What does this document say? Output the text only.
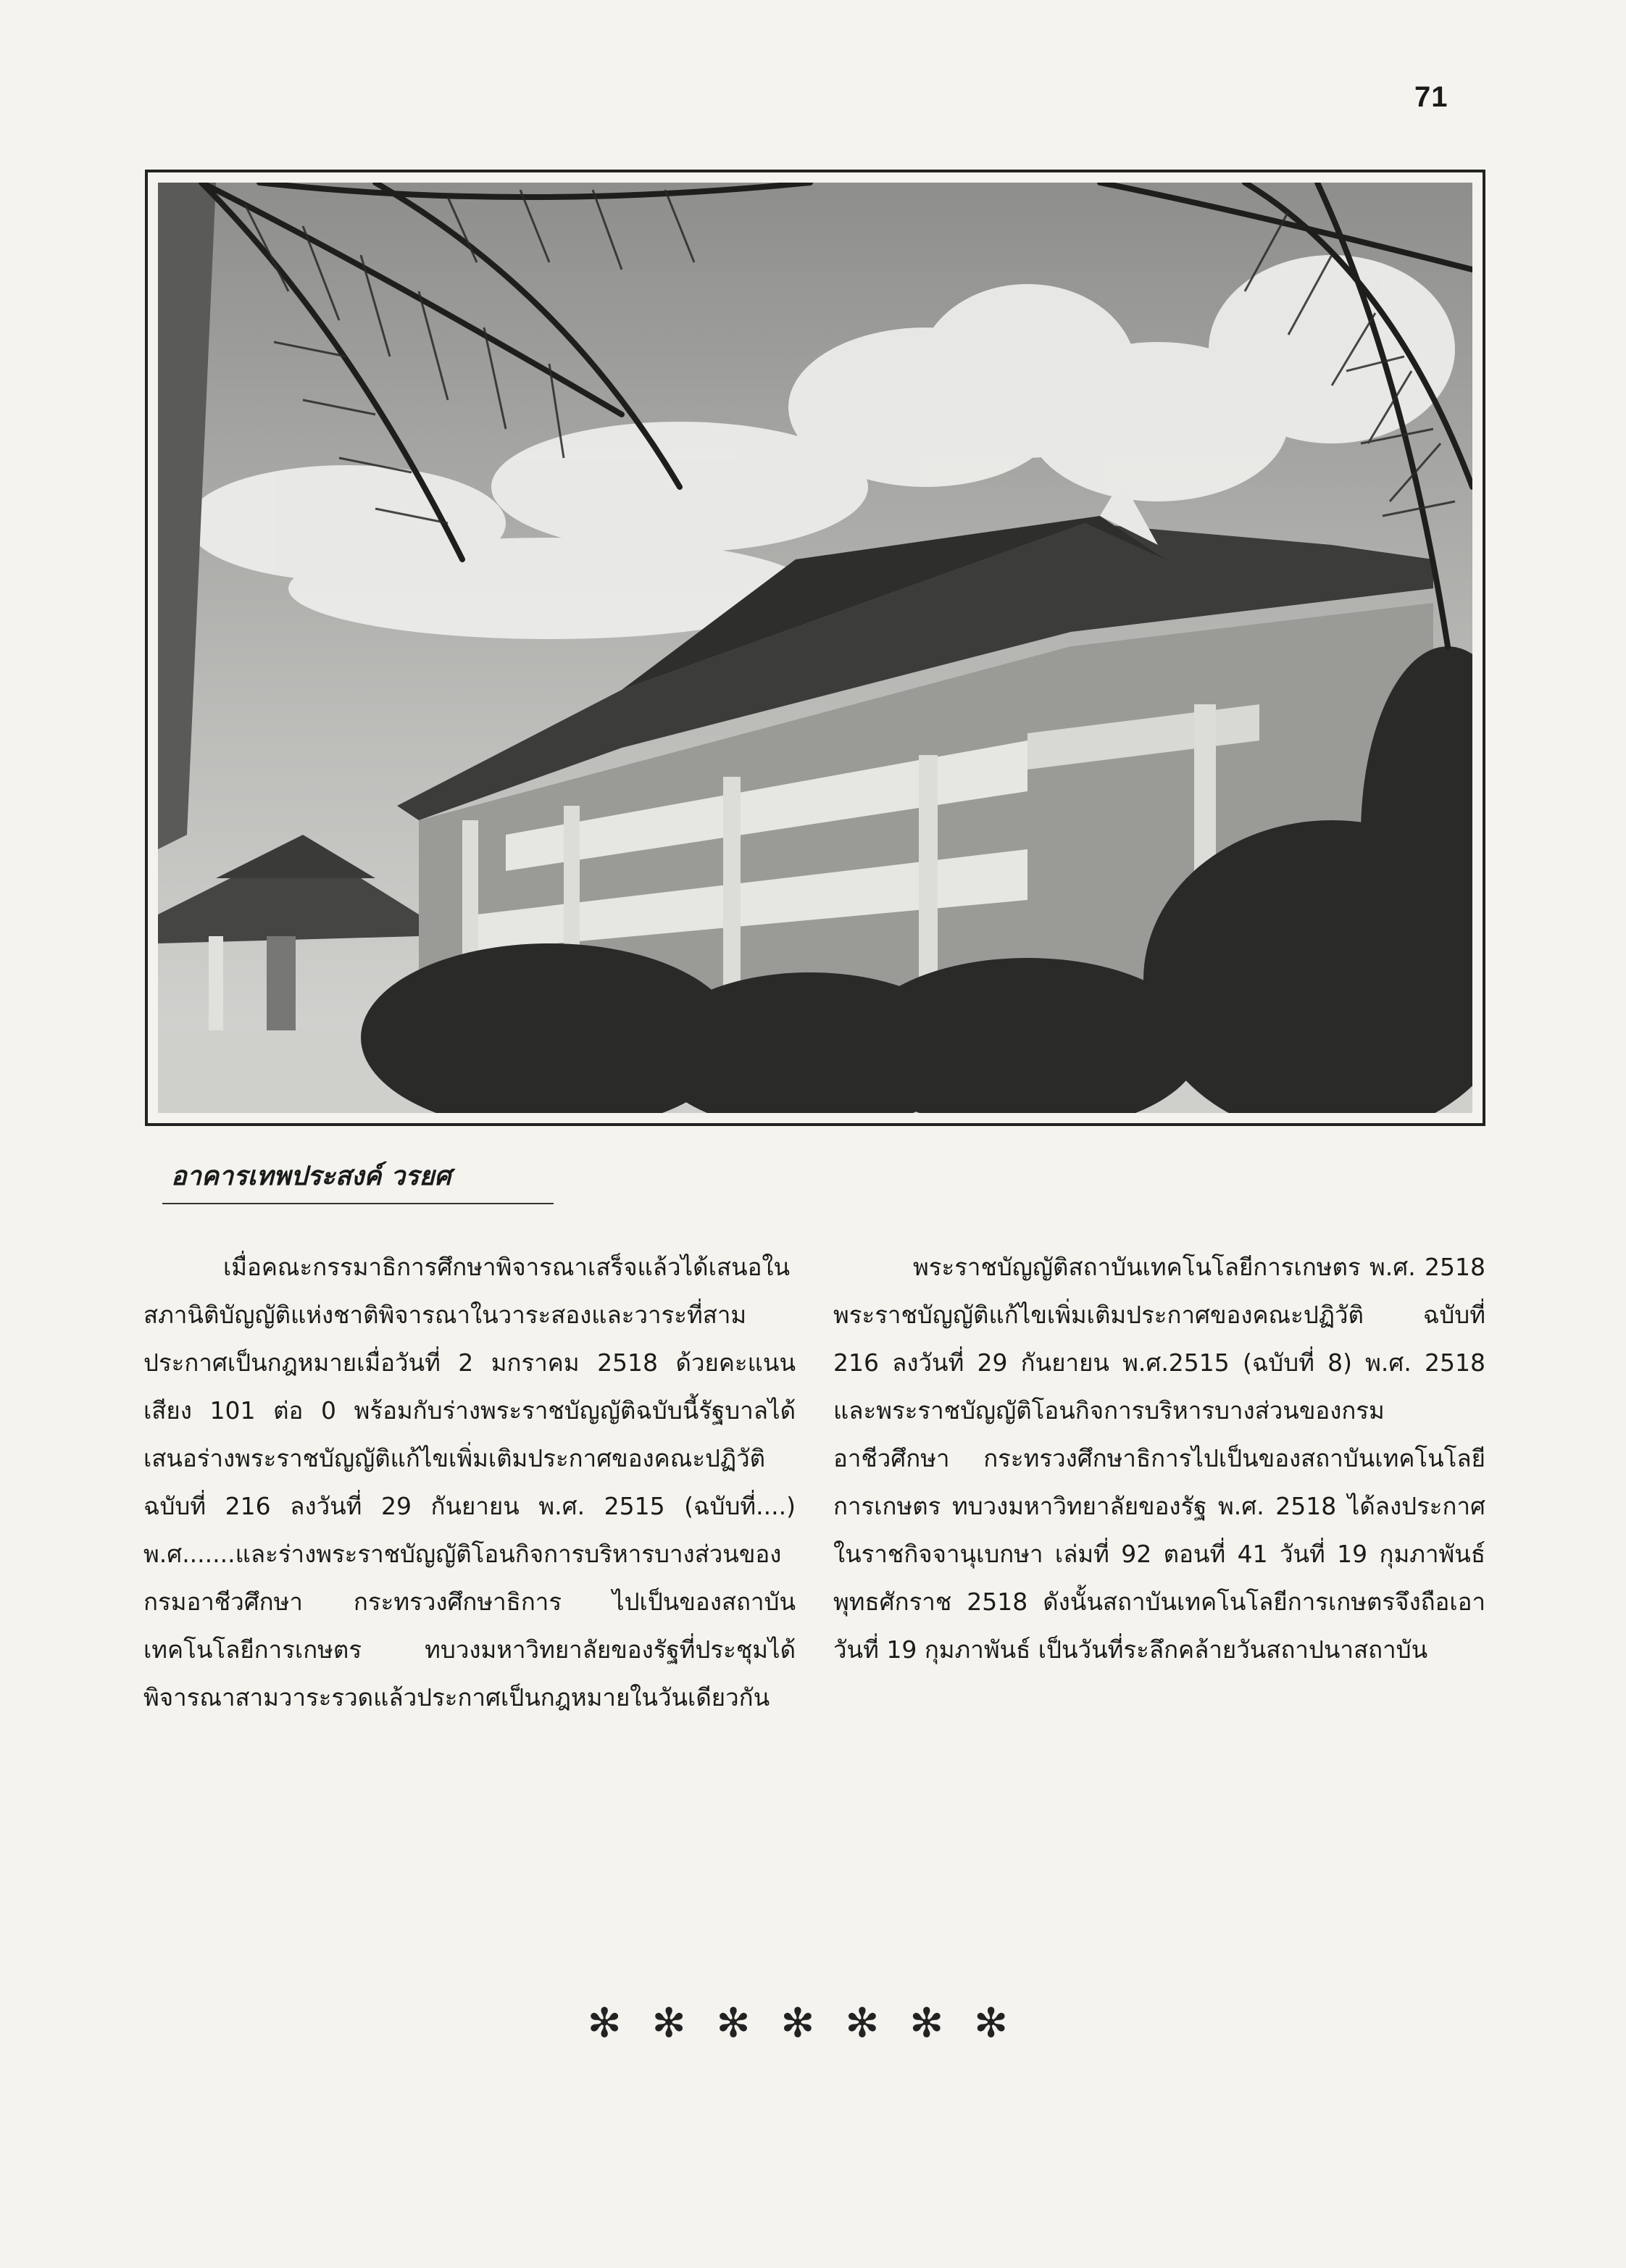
71
อาคารเทพประสงค์ วรยศ
เมื่อคณะกรรมาธิการศึกษาพิจารณาเสร็จแล้วได้เสนอในสภานิติบัญญัติแห่งชาติพิจารณาในวาระสองและวาระที่สามประกาศเป็นกฎหมายเมื่อวันที่ 2 มกราคม 2518 ด้วยคะแนนเสียง 101 ต่อ 0 พร้อมกับร่างพระราชบัญญัติฉบับนี้รัฐบาลได้เสนอร่างพระราชบัญญัติแก้ไขเพิ่มเติมประกาศของคณะปฏิวัติ ฉบับที่ 216 ลงวันที่ 29 กันยายน พ.ศ. 2515 (ฉบับที่....) พ.ศ.......และร่างพระราชบัญญัติโอนกิจการบริหารบางส่วนของกรมอาชีวศึกษา กระทรวงศึกษาธิการ ไปเป็นของสถาบันเทคโนโลยีการเกษตร ทบวงมหาวิทยาลัยของรัฐที่ประชุมได้พิจารณาสามวาระรวดแล้วประกาศเป็นกฎหมายในวันเดียวกัน
พระราชบัญญัติสถาบันเทคโนโลยีการเกษตร พ.ศ. 2518 พระราชบัญญัติแก้ไขเพิ่มเติมประกาศของคณะปฏิวัติ ฉบับที่ 216 ลงวันที่ 29 กันยายน พ.ศ.2515 (ฉบับที่ 8) พ.ศ. 2518 และพระราชบัญญัติโอนกิจการบริหารบางส่วนของกรมอาชีวศึกษา กระทรวงศึกษาธิการไปเป็นของสถาบันเทคโนโลยีการเกษตร ทบวงมหาวิทยาลัยของรัฐ พ.ศ. 2518 ได้ลงประกาศในราชกิจจานุเบกษา เล่มที่ 92 ตอนที่ 41 วันที่ 19 กุมภาพันธ์ พุทธศักราช 2518 ดังนั้นสถาบันเทคโนโลยีการเกษตรจึงถือเอาวันที่ 19 กุมภาพันธ์ เป็นวันที่ระลึกคล้ายวันสถาปนาสถาบัน
✻✻✻✻✻✻✻
